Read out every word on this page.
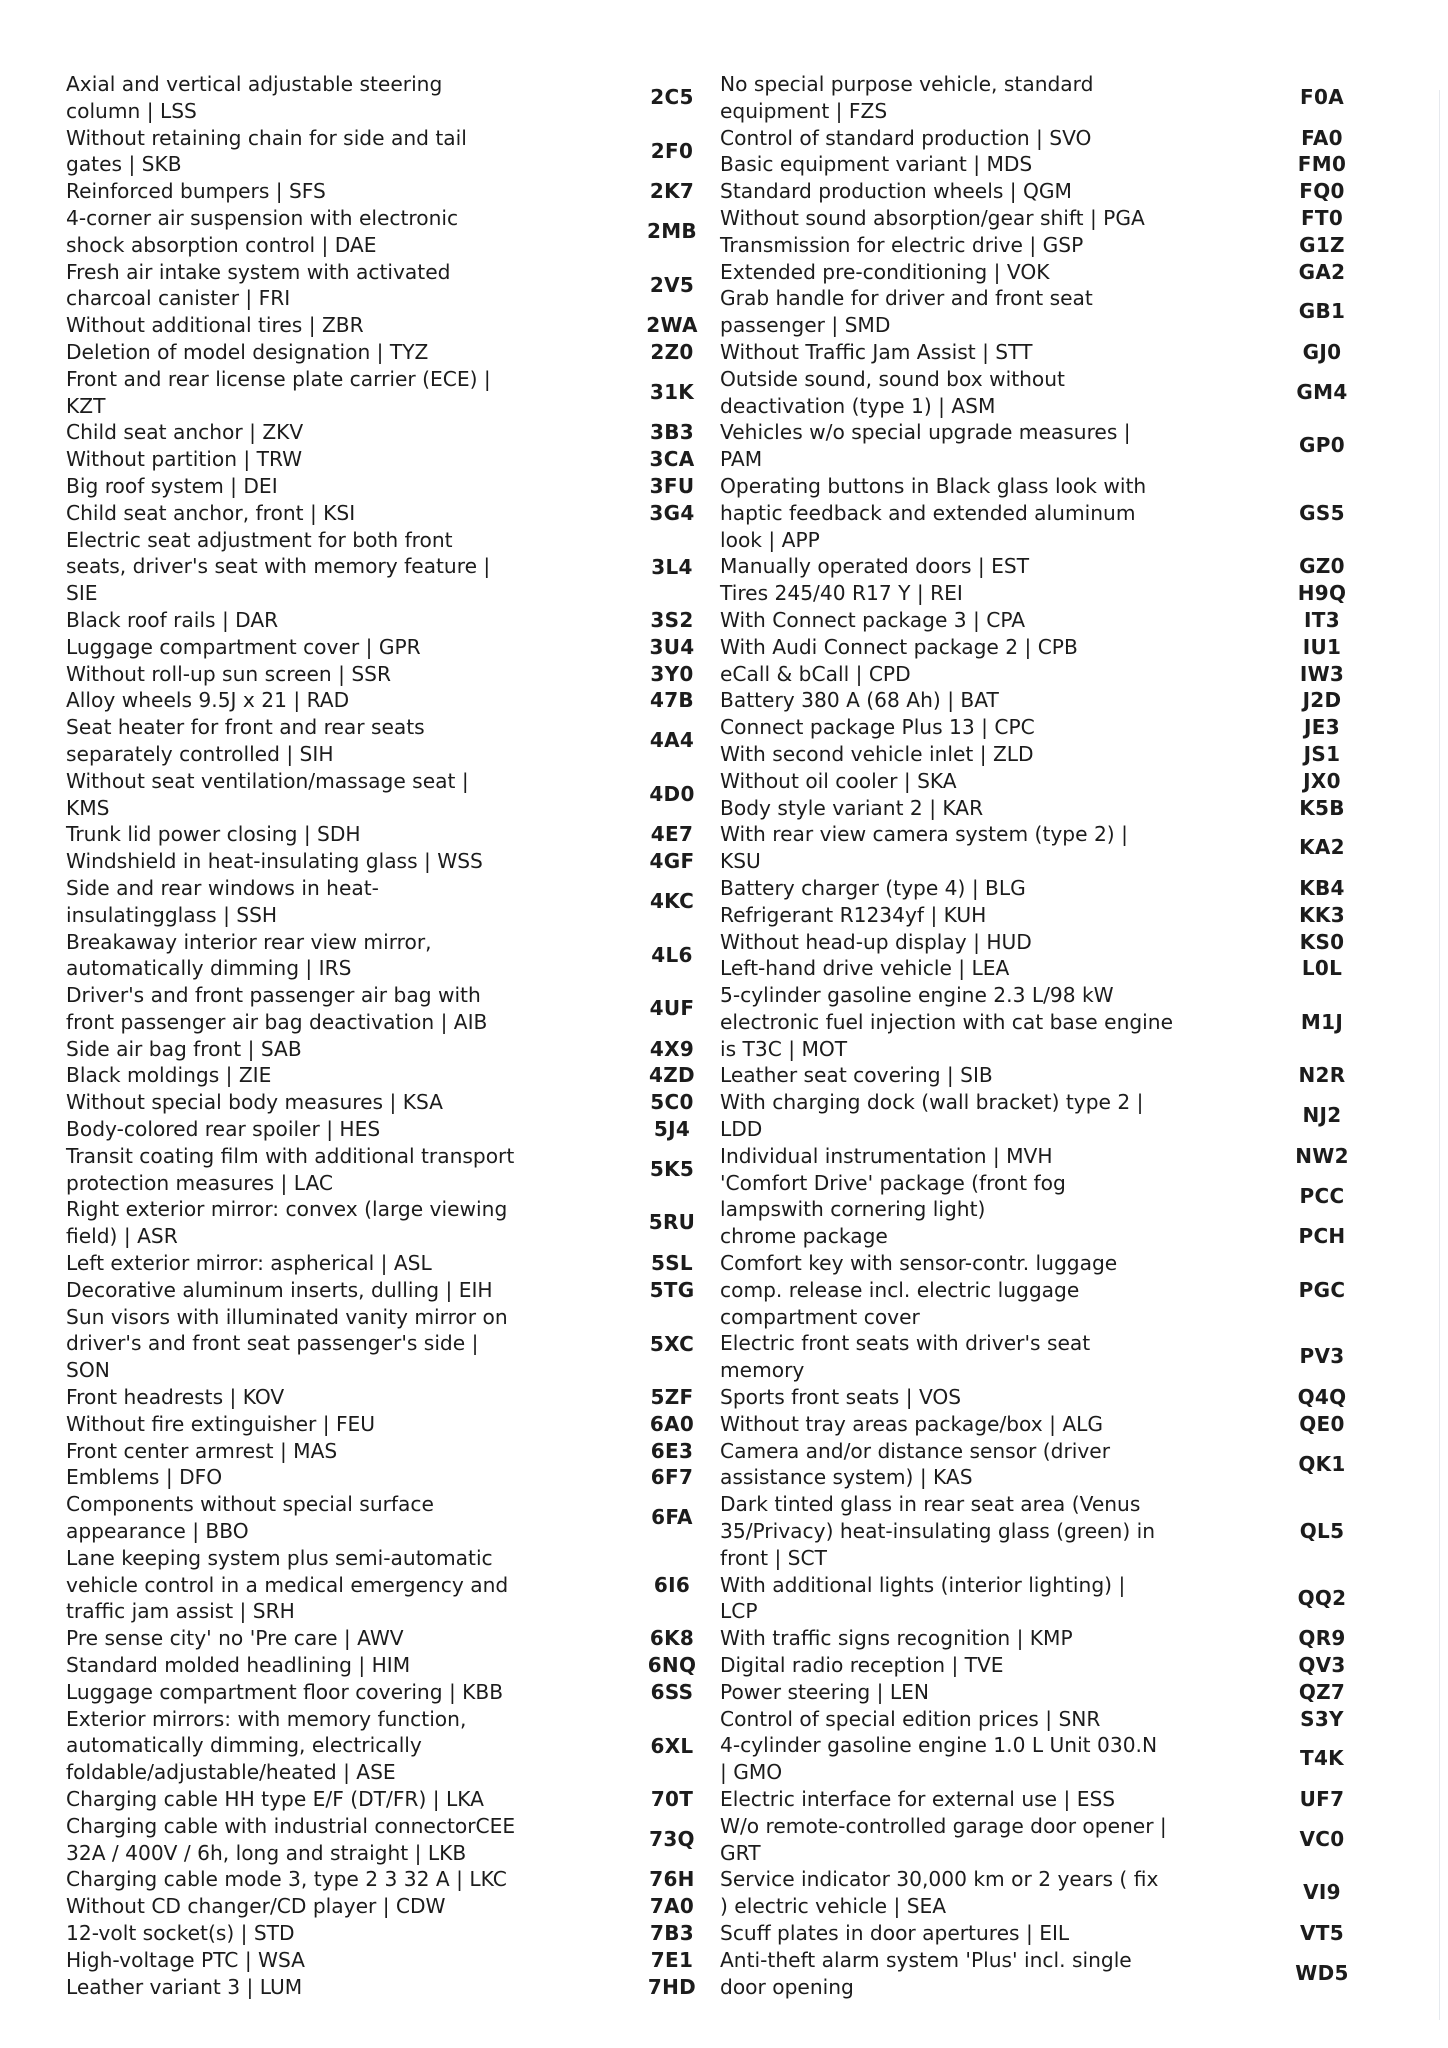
Axial and vertical adjustable steering
column | LSS
Without retaining chain for side and tail
gates | SKB
Reinforced bumpers | SFS
4-corner air suspension with electronic
shock absorption control | DAE
Fresh air intake system with activated
charcoal canister | FRI
Without additional tires | ZBR
Deletion of model designation | TYZ
Front and rear license plate carrier (ECE) |
KZT
Child seat anchor | ZKV
Without partition | TRW
Big roof system | DEI
Child seat anchor, front | KSI
Electric seat adjustment for both front
seats, driver's seat with memory feature |
SIE
Black roof rails | DAR
Luggage compartment cover | GPR
Without roll-up sun screen | SSR
Alloy wheels 9.5J x 21 | RAD
Seat heater for front and rear seats
separately controlled | SIH
Without seat ventilation/massage seat |
KMS
Trunk lid power closing | SDH
Windshield in heat-insulating glass | WSS
Side and rear windows in heat-
insulatingglass | SSH
Breakaway interior rear view mirror,
automatically dimming | IRS
Driver's and front passenger air bag with
front passenger air bag deactivation | AIB
Side air bag front | SAB
Black moldings | ZIE
Without special body measures | KSA
Body-colored rear spoiler | HES
Transit coating film with additional transport
protection measures | LAC
Right exterior mirror: convex (large viewing
field) | ASR
Left exterior mirror: aspherical | ASL
Decorative aluminum inserts, dulling | EIH
Sun visors with illuminated vanity mirror on
driver's and front seat passenger's side |
SON
Front headrests | KOV
Without fire extinguisher | FEU
Front center armrest | MAS
Emblems | DFO
Components without special surface
appearance | BBO
Lane keeping system plus semi-automatic
vehicle control in a medical emergency and
traffic jam assist | SRH
Pre sense city' no 'Pre care | AWV
Standard molded headlining | HIM
Luggage compartment floor covering | KBB
Exterior mirrors: with memory function,
automatically dimming, electrically
foldable/adjustable/heated | ASE
Charging cable HH type E/F (DT/FR) | LKA
Charging cable with industrial connectorCEE
32A / 400V / 6h, long and straight | LKB
Charging cable mode 3, type 2 3 32 A | LKC
Without CD changer/CD player | CDW
12-volt socket(s) | STD
High-voltage PTC | WSA
Leather variant 3 | LUM
2C5
2F0
2K7
2MB
2V5
2WA
2Z0
31K
3B3
3CA
3FU
3G4
3L4
3S2
3U4
3Y0
47B
4A4
4D0
4E7
4GF
4KC
4L6
4UF
4X9
4ZD
5C0
5J4
5K5
5RU
5SL
5TG
5XC
5ZF
6A0
6E3
6F7
6FA
6I6
6K8
6NQ
6SS
6XL
70T
73Q
76H
7A0
7B3
7E1
7HD
No special purpose vehicle, standard
equipment | FZS
Control of standard production | SVO
Basic equipment variant | MDS
Standard production wheels | QGM
Without sound absorption/gear shift | PGA
Transmission for electric drive | GSP
Extended pre-conditioning | VOK
Grab handle for driver and front seat
passenger | SMD
Without Traffic Jam Assist | STT
Outside sound, sound box without
deactivation (type 1) | ASM
Vehicles w/o special upgrade measures |
PAM
Operating buttons in Black glass look with
haptic feedback and extended aluminum
look | APP
Manually operated doors | EST
Tires 245/40 R17 Y | REI
With Connect package 3 | CPA
With Audi Connect package 2 | CPB
eCall & bCall | CPD
Battery 380 A (68 Ah) | BAT
Connect package Plus 13 | CPC
With second vehicle inlet | ZLD
Without oil cooler | SKA
Body style variant 2 | KAR
With rear view camera system (type 2) |
KSU
Battery charger (type 4) | BLG
Refrigerant R1234yf | KUH
Without head-up display | HUD
Left-hand drive vehicle | LEA
5-cylinder gasoline engine 2.3 L/98 kW
electronic fuel injection with cat base engine
is T3C | MOT
Leather seat covering | SIB
With charging dock (wall bracket) type 2 |
LDD
Individual instrumentation | MVH
'Comfort Drive' package (front fog
lampswith cornering light)
chrome package
Comfort key with sensor-contr. luggage
comp. release incl. electric luggage
compartment cover
Electric front seats with driver's seat
memory
Sports front seats | VOS
Without tray areas package/box | ALG
Camera and/or distance sensor (driver
assistance system) | KAS
Dark tinted glass in rear seat area (Venus
35/Privacy) heat-insulating glass (green) in
front | SCT
With additional lights (interior lighting) |
LCP
With traffic signs recognition | KMP
Digital radio reception | TVE
Power steering | LEN
Control of special edition prices | SNR
4-cylinder gasoline engine 1.0 L Unit 030.N
| GMO
Electric interface for external use | ESS
W/o remote-controlled garage door opener |
GRT
Service indicator 30,000 km or 2 years ( fix
) electric vehicle | SEA
Scuff plates in door apertures | EIL
Anti-theft alarm system 'Plus' incl. single
door opening
F0A
FA0
FM0
FQ0
FT0
G1Z
GA2
GB1
GJ0
GM4
GP0
GS5
GZ0
H9Q
IT3
IU1
IW3
J2D
JE3
JS1
JX0
K5B
KA2
KB4
KK3
KS0
L0L
M1J
N2R
NJ2
NW2
PCC
PCH
PGC
PV3
Q4Q
QE0
QK1
QL5
QQ2
QR9
QV3
QZ7
S3Y
T4K
UF7
VC0
VI9
VT5
WD5
